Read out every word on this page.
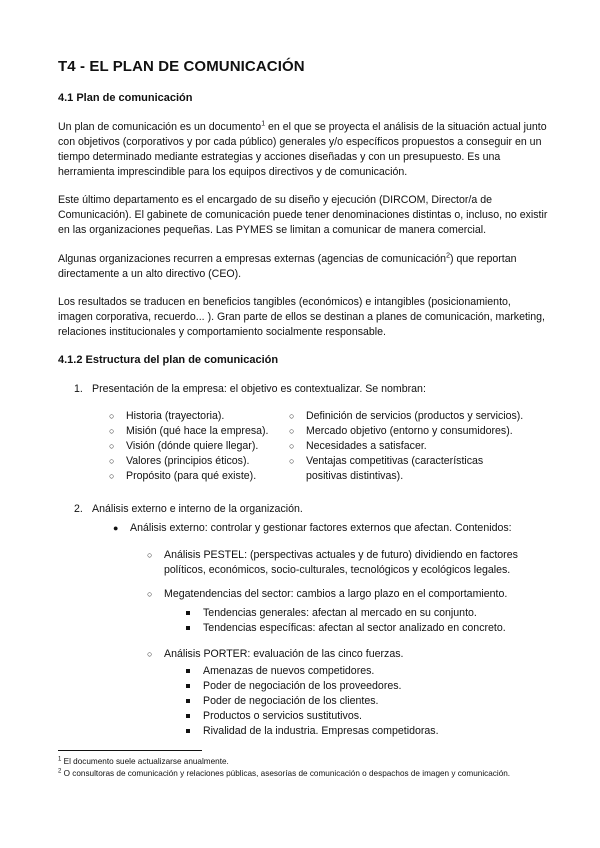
T4 - EL PLAN DE COMUNICACIÓN
4.1 Plan de comunicación
Un plan de comunicación es un documento$^1$ en el que se proyecta el análisis de la situación actual junto con objetivos (corporativos y por cada público) generales y/o específicos propuestos a conseguir en un tiempo determinado mediante estrategias y acciones diseñadas y con un presupuesto. Es una herramienta imprescindible para los equipos directivos y de comunicación.
Este último departamento es el encargado de su diseño y ejecución (DIRCOM, Director/a de Comunicación). El gabinete de comunicación puede tener denominaciones distintas o, incluso, no existir en las organizaciones pequeñas. Las PYMES se limitan a comunicar de manera comercial.
Algunas organizaciones recurren a empresas externas (agencias de comunicación$^2$) que reportan directamente a un alto directivo (CEO).
Los resultados se traducen en beneficios tangibles (económicos) e intangibles (posicionamiento, imagen corporativa, recuerdo... ). Gran parte de ellos se destinan a planes de comunicación, marketing, relaciones institucionales y comportamiento socialmente responsable.
4.1.2 Estructura del plan de comunicación
1. Presentación de la empresa: el objetivo es contextualizar. Se nombran:
○ Historia (trayectoria).
○ Misión (qué hace la empresa).
○ Visión (dónde quiere llegar).
○ Valores (principios éticos).
○ Propósito (para qué existe).
○ Definición de servicios (productos y servicios).
○ Mercado objetivo (entorno y consumidores).
○ Necesidades a satisfacer.
○ Ventajas competitivas (características positivas distintivas).
2. Análisis externo e interno de la organización.
● Análisis externo: controlar y gestionar factores externos que afectan. Contenidos:
○ Análisis PESTEL: (perspectivas actuales y de futuro) dividiendo en factores políticos, económicos, socio-culturales, tecnológicos y ecológicos legales.
○ Megatendencias del sector: cambios a largo plazo en el comportamiento.
Tendencias generales: afectan al mercado en su conjunto.
Tendencias específicas: afectan al sector analizado en concreto.
○ Análisis PORTER: evaluación de las cinco fuerzas.
Amenazas de nuevos competidores.
Poder de negociación de los proveedores.
Poder de negociación de los clientes.
Productos o servicios sustitutivos.
Rivalidad de la industria. Empresas competidoras.
$^1$ El documento suele actualizarse anualmente.
$^2$ O consultoras de comunicación y relaciones públicas, asesorías de comunicación o despachos de imagen y comunicación.
